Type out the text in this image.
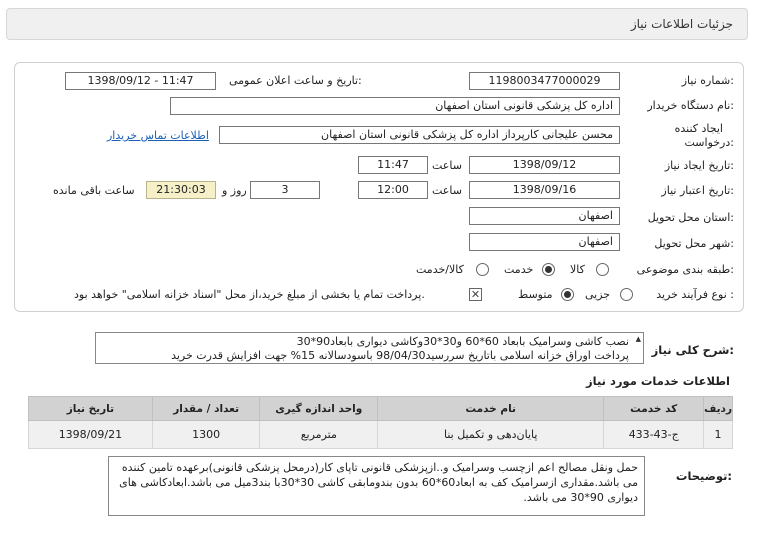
جزئیات اطلاعات نیاز
شماره نیاز:
1198003477000029
تاریخ و ساعت اعلان عمومی:
1398/09/12 - 11:47
نام دستگاه خریدار:
اداره کل پزشکی قانونی استان اصفهان
ایجاد کننده
درخواست:
محسن علیجانی کارپرداز اداره کل پزشکی قانونی استان اصفهان
اطلاعات تماس خریدار
تاریخ ایجاد نیاز:
1398/09/12
ساعت
11:47
تاریخ اعتبار نیاز:
1398/09/16
ساعت
12:00
3
روز و
21:30:03
ساعت باقی مانده
استان محل تحویل:
اصفهان
شهر محل تحویل:
اصفهان
طبقه بندی موضوعی:
کالا
خدمت
کالا/خدمت
نوع فرآیند خرید :
جزیی
متوسط
✕
پرداخت تمام یا بخشی از مبلغ خرید،از محل "اسناد خزانه اسلامی" خواهد بود.
شرح کلی نیاز:
▲
نصب کاشی وسرامیک بابعاد 60*60 و30*30وکاشی دیواری بابعاد90*30
پرداخت اوراق خزانه اسلامی باتاریخ سررسید98/04/30 باسودسالانه 15% جهت افزایش قدرت خرید
اطلاعات خدمات مورد نیاز
ردیف	کد خدمت	نام خدمت	واحد اندازه گیری	تعداد / مقدار	تاریخ نیاز
1	ج-43-433	پایان‌دهی و تکمیل بنا	مترمربع	1300	1398/09/21
توضیحات:
حمل ونقل مصالح اعم ازچسب وسرامیک و..ازپزشکی قانونی تاپای کار(درمحل پزشکی قانونی)برعهده تامین کننده می باشد.مقداری ازسرامیک کف به ابعاد60*60 بدون بندومابقی کاشی 30*30با بند3میل می باشد.ابعادکاشی های دیواری 90*30 می باشد.
